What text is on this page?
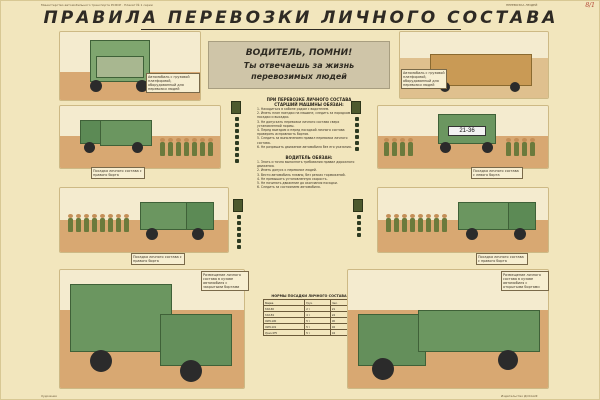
Министерство автомобильного транспорта РСФСР · Плакат № 1 серии	ПЕРЕВОЗКА ЛЮДЕЙ	8/1
ПРАВИЛА ПЕРЕВОЗКИ ЛИЧНОГО СОСТАВА
Автомобиль с грузовой платформой, оборудованный для перевозки людей
ВОДИТЕЛЬ, ПОМНИ!
Ты отвечаешь за жизнь
перевозимых людей	Автомобиль с грузовой платформой, оборудованный для перевозки людей
Посадка личного состава с правого борта
ПРИ ПЕРЕВОЗКЕ ЛИЧНОГО СОСТАВА СТАРШИЙ МАШИНЫ ОБЯЗАН:
1. Находиться в кабине рядом с водителем.
2. Иметь план поездки на машине, следить за порядком посадки и высадки.
3. Не допускать перевозки личного состава сверх установленной нормы.
4. Перед выездом и перед посадкой личного состава проверить исправность бортов.
5. Следить за выполнением правил перевозки личного состава.
6. Не разрешать движение автомобиля без его указания.
ВОДИТЕЛЬ ОБЯЗАН:
1. Знать и точно выполнять требования правил дорожного движения.
2. Иметь допуск к перевозке людей.
3. Вести автомобиль плавно, без резких торможений.
4. Не превышать установленную скорость.
5. Не начинать движение до окончания посадки.
6. Следить за состоянием автомобиля.
21-36
Посадка личного состава с левого борта
Посадка личного состава с правого борта
Посадка личного состава с правого борта
Размещение личного состава в кузове автомобиля с закрытыми бортами
НОРМЫ ПОСАДКИ ЛИЧНОГО СОСТАВА
Марка	Груз.	Чел.
ГАЗ-66	2 т	21
ГАЗ-53	4 т	24
ЗИЛ-130	5 т	30
ЗИЛ-131	5 т	32
Урал-375	5 т	34
Размещение личного состава в кузове автомобиля с открытыми бортами
Художник	Издательство ДОСААФ
